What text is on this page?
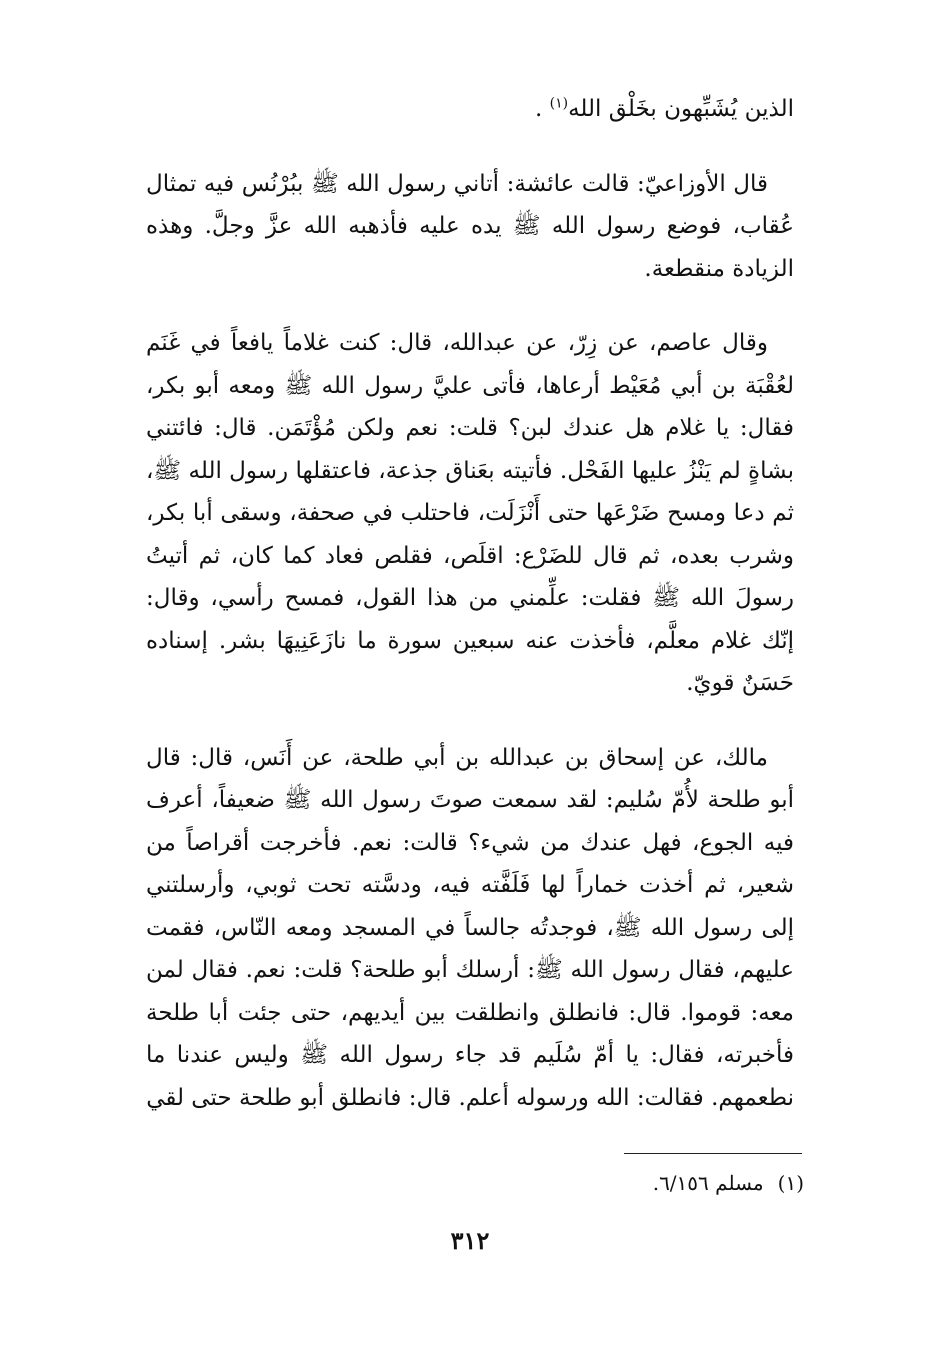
الذين يُشَبِّهون بخَلْق الله$^{(١)}$ .

قال الأوزاعيّ: قالت عائشة: أتاني رسول الله ﷺ ببُرْنُس فيه تمثال عُقاب، فوضع رسول الله ﷺ يده عليه فأذهبه الله عزَّ وجلَّ. وهذه الزيادة منقطعة.

وقال عاصم، عن زِرّ، عن عبدالله، قال: كنت غلاماً يافعاً في غَنَم لعُقْبَة بن أبي مُعَيْط أرعاها، فأتى عليَّ رسول الله ﷺ ومعه أبو بكر، فقال: يا غلام هل عندك لبن؟ قلت: نعم ولكن مُؤْتَمَن. قال: فائتني بشاةٍ لم يَنْزُ عليها الفَحْل. فأتيته بعَناق جذعة، فاعتقلها رسول الله ﷺ، ثم دعا ومسح ضَرْعَها حتى أَنْزَلَت، فاحتلب في صحفة، وسقى أبا بكر، وشرب بعده، ثم قال للضَرْع: اقلَص، فقلص فعاد كما كان، ثم أتيتُ رسولَ الله ﷺ فقلت: علِّمني من هذا القول، فمسح رأسي، وقال: إنّك غلام معلَّم، فأخذت عنه سبعين سورة ما نازَعَنِيهَا بشر. إسناده حَسَنٌ قويّ.

مالك، عن إسحاق بن عبدالله بن أبي طلحة، عن أَنَس، قال: قال أبو طلحة لأُمّ سُليم: لقد سمعت صوتَ رسول الله ﷺ ضعيفاً، أعرف فيه الجوع، فهل عندك من شيء؟ قالت: نعم. فأخرجت أقراصاً من شعير، ثم أخذت خماراً لها فَلَفَّته فيه، ودسَّته تحت ثوبي، وأرسلتني إلى رسول الله ﷺ، فوجدتُه جالساً في المسجد ومعه النّاس، فقمت عليهم، فقال رسول الله ﷺ: أرسلك أبو طلحة؟ قلت: نعم. فقال لمن معه: قوموا. قال: فانطلق وانطلقت بين أيديهم، حتى جئت أبا طلحة فأخبرته، فقال: يا أمّ سُلَيم قد جاء رسول الله ﷺ وليس عندنا ما نطعمهم. فقالت: الله ورسوله أعلم. قال: فانطلق أبو طلحة حتى لقي

(١)مسلم ٦/١٥٦.
٣١٢
